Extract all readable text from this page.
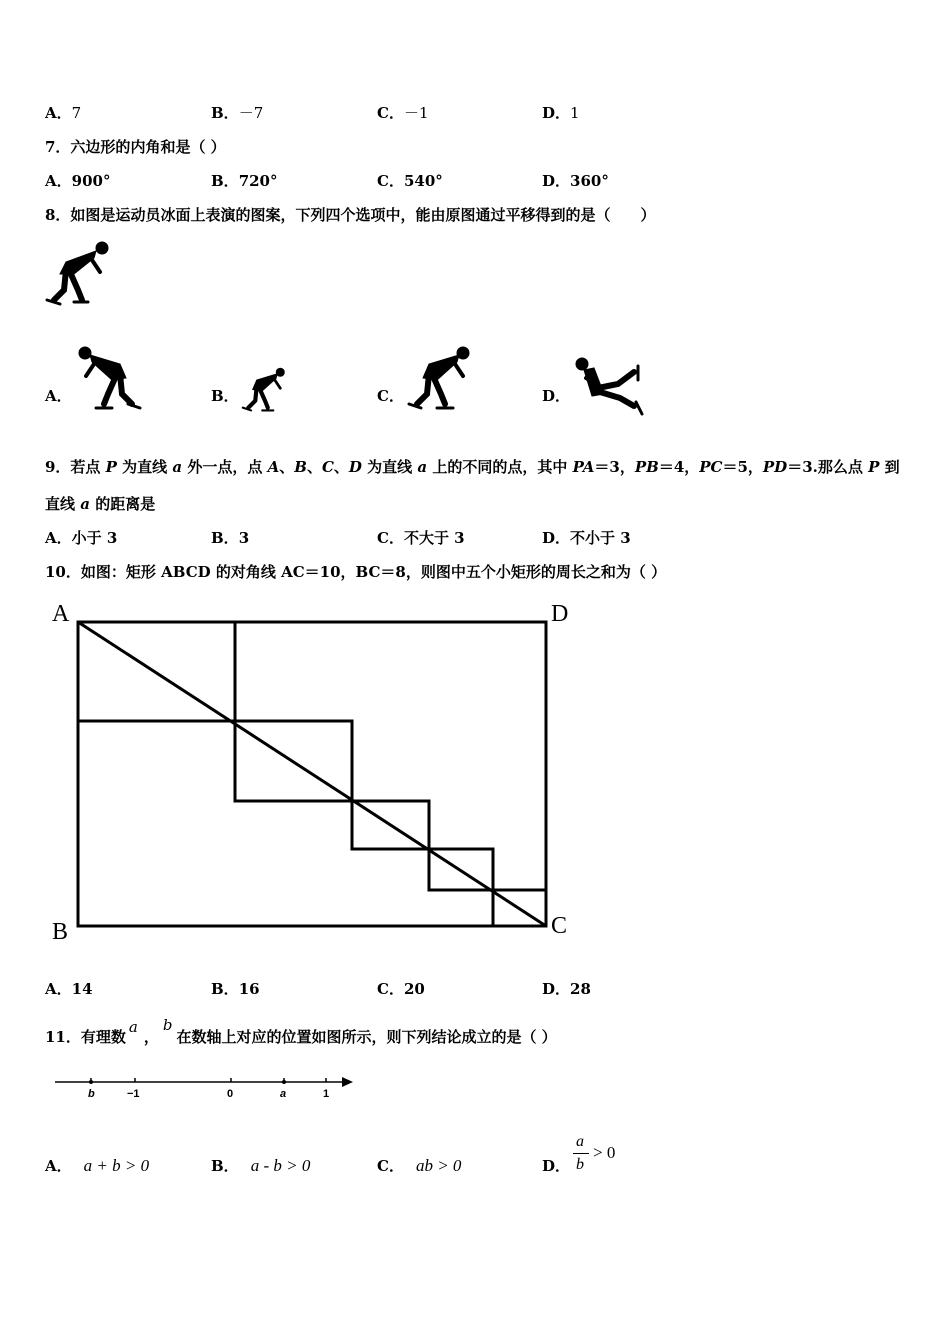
A．7	B．－7	C．－1	D．1
7．六边形的内角和是（ ）
A．900°	B．720°	C．540°	D．360°
8．如图是运动员冰面上表演的图案，下列四个选项中，能由原图通过平移得到的是（　　）
A．	B．	C．	D．
9．若点 P 为直线 a 外一点，点 A、B、C、D 为直线 a 上的不同的点，其中 PA＝3，PB＝4，PC＝5，PD＝3.那么点 P 到
直线 a 的距离是
A．小于 3	B．3	C．不大于 3	D．不小于 3
10．如图：矩形 ABCD 的对角线 AC＝10，BC＝8，则图中五个小矩形的周长之和为（ ）
A	D
B	C
A．14	B．16	C．20	D．28
11．有理数a，b在数轴上对应的位置如图所示，则下列结论成立的是（ ）
b	−1	0	a	1
A． a + b > 0	B． a - b > 0	C． ab > 0	D．
a
b
> 0
